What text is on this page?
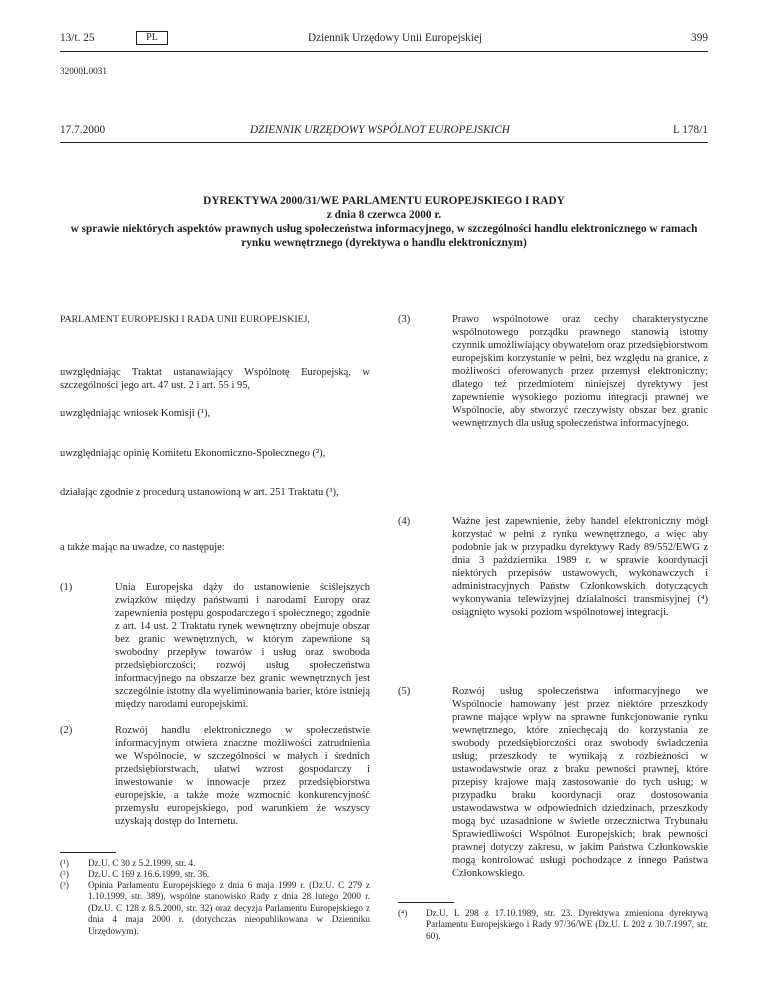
13/t. 25	PL	Dziennik Urzędowy Unii Europejskiej	399
32000L0031
17.7.2000	DZIENNIK URZĘDOWY WSPÓLNOT EUROPEJSKICH	L 178/1
DYREKTYWA 2000/31/WE PARLAMENTU EUROPEJSKIEGO I RADY
z dnia 8 czerwca 2000 r.
w sprawie niektórych aspektów prawnych usług społeczeństwa informacyjnego, w szczególności handlu elektronicznego w ramach rynku wewnętrznego (dyrektywa o handlu elektronicznym)

PARLAMENT EUROPEJSKI I RADA UNII EUROPEJSKIEJ,

uwzględniając Traktat ustanawiający Wspólnotę Europejską, w szczególności jego art. 47 ust. 2 i art. 55 i 95,

uwzględniając wniosek Komisji (¹),

uwzględniając opinię Komitetu Ekonomiczno-Społecznego (²),

działając zgodnie z procedurą ustanowioną w art. 251 Traktatu (³),

a także mając na uwadze, co następuje:

(1)	Unia Europejska dąży do ustanowienie ściślejszych związków między państwami i narodami Europy oraz zapewnienia postępu gospodarczego i społecznego; zgodnie z art. 14 ust. 2 Traktatu rynek wewnętrzny obejmuje obszar bez granic wewnętrznych, w którym zapewnione są swobodny przepływ towarów i usług oraz swoboda przedsiębiorczości; rozwój usług społeczeństwa informacyjnego na obszarze bez granic wewnętrznych jest szczególnie istotny dla wyeliminowania barier, które istnieją między narodami europejskimi.

(2)	Rozwój handlu elektronicznego w społeczeństwie informacyjnym otwiera znaczne możliwości zatrudnienia we Wspólnocie, w szczególności w małych i średnich przedsiębiorstwach, ułatwi wzrost gospodarczy i inwestowanie w innowacje przez przedsiębiorstwa europejskie, a także może wzmocnić konkurencyjność przemysłu europejskiego, pod warunkiem że wszyscy uzyskają dostęp do Internetu.

(¹) Dz.U. C 30 z 5.2.1999, str. 4.

(²) Dz.U. C 169 z 16.6.1999, str. 36.

(³) Opinia Parlamentu Europejskiego z dnia 6 maja 1999 r. (Dz.U. C 279 z 1.10.1999, str. 389), wspólne stanowisko Rady z dnia 28 lutego 2000 r. (Dz.U. C 128 z 8.5.2000, str. 32) oraz decyzja Parlamentu Europejskiego z dnia 4 maja 2000 r. (dotychczas nieopublikowana w Dzienniku Urzędowym).

(3)	Prawo wspólnotowe oraz cechy charakterystyczne wspólnotowego porządku prawnego stanowią istotny czynnik umożliwiający obywatelom oraz przedsiębiorstwom europejskim korzystanie w pełni, bez względu na granice, z możliwości oferowanych przez przemysł elektroniczny; dlatego też przedmiotem niniejszej dyrektywy jest zapewnienie wysokiego poziomu integracji prawnej we Wspólnocie, aby stworzyć rzeczywisty obszar bez granic wewnętrznych dla usług społeczeństwa informacyjnego.

(4)	Ważne jest zapewnienie, żeby handel elektroniczny mógł korzystać w pełni z rynku wewnętrznego, a więc aby podobnie jak w przypadku dyrektywy Rady 89/552/EWG z dnia 3 października 1989 r. w sprawie koordynacji niektórych przepisów ustawowych, wykonawczych i administracyjnych Państw Członkowskich dotyczących wykonywania telewizyjnej działalności transmisyjnej (⁴) osiągnięto wysoki poziom wspólnotowej integracji.

(5)	Rozwój usług społeczeństwa informacyjnego we Wspólnocie hamowany jest przez niektóre przeszkody prawne mające wpływ na sprawne funkcjonowanie rynku wewnętrznego, które zniechęcają do korzystania ze swobody przedsiębiorczości oraz swobody świadczenia usług; przeszkody te wynikają z rozbieżności w ustawodawstwie oraz z braku pewności prawnej, które przepisy krajowe mają zastosowanie do tych usług; w przypadku braku koordynacji oraz dostosowania ustawodawstwa w odpowiednich dziedzinach, przeszkody mogą być uzasadnione w świetle orzecznictwa Trybunału Sprawiedliwości Wspólnot Europejskich; brak pewności prawnej dotyczy zakresu, w jakim Państwa Członkowskie mogą kontrolować usługi pochodzące z innego Państwa Członkowskiego.

(⁴) Dz.U. L 298 z 17.10.1989, str. 23. Dyrektywa zmieniona dyrektywą Parlamentu Europejskiego i Rady 97/36/WE (Dz.U. L 202 z 30.7.1997, str. 60).
